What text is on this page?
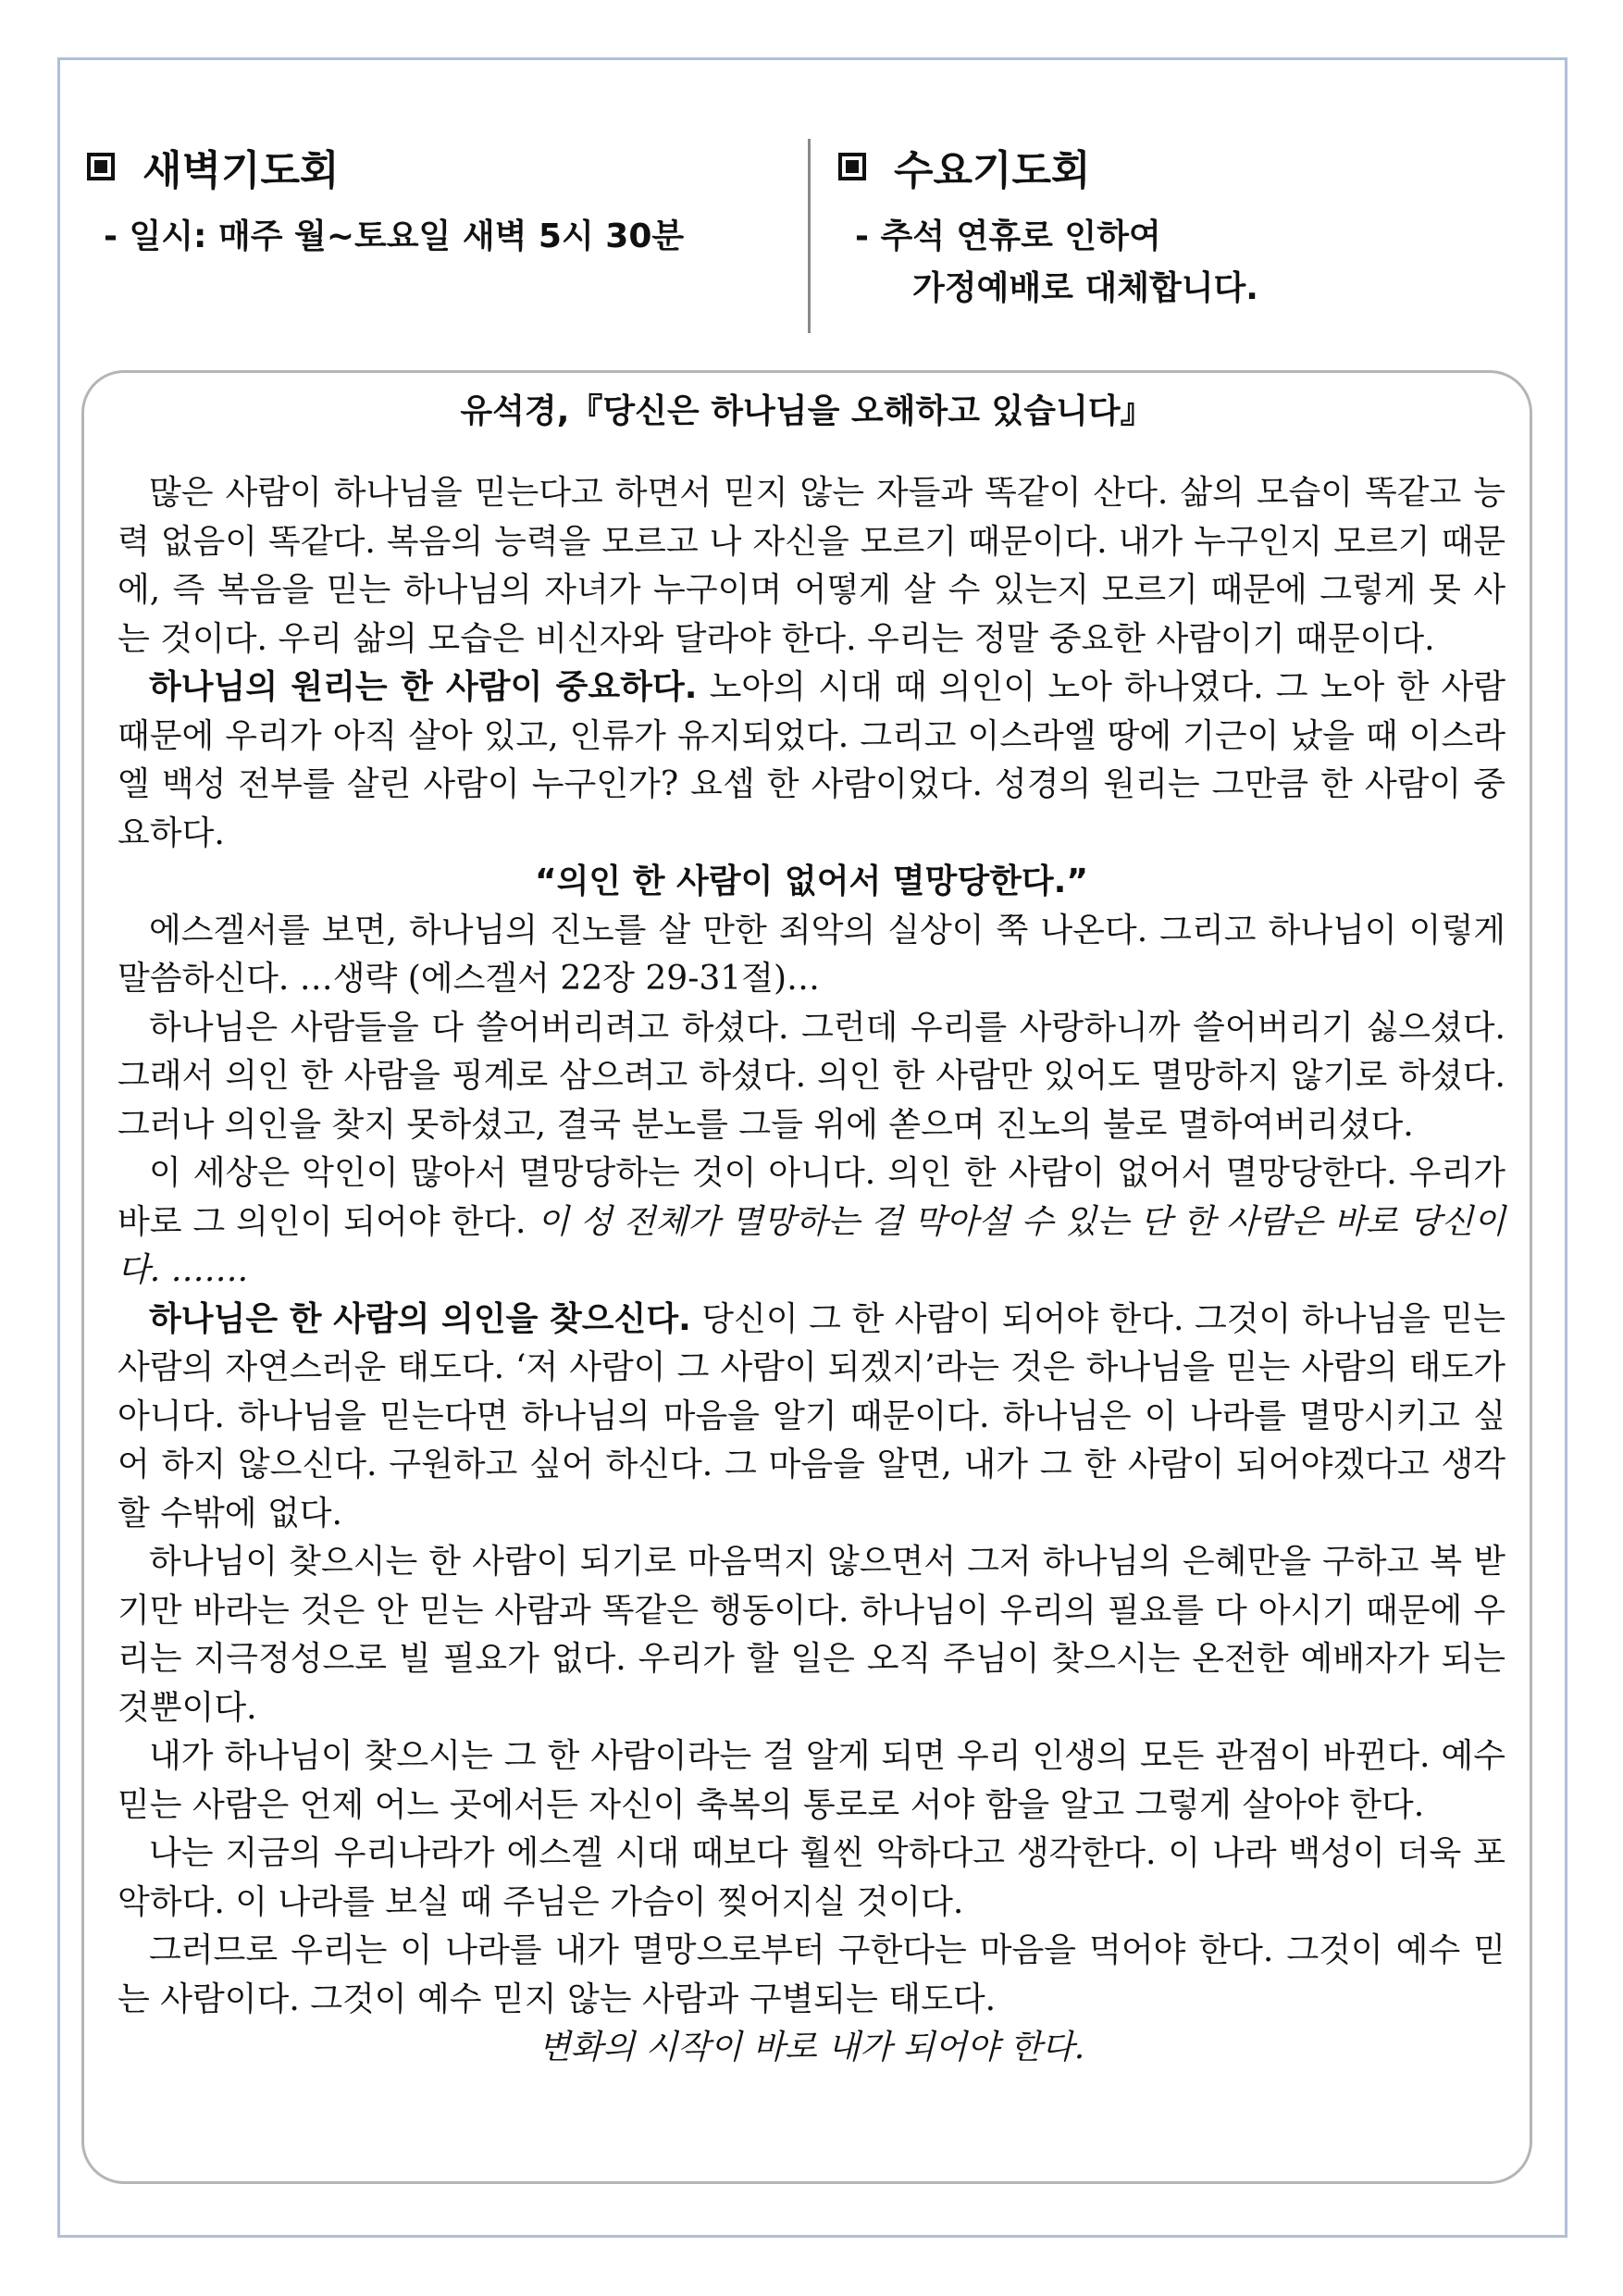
새벽기도회
- 일시: 매주 월~토요일 새벽 5시 30분
수요기도회
- 추석 연휴로 인하여
가정예배로 대체합니다.
유석경,『당신은 하나님을 오해하고 있습니다』

많은 사람이 하나님을 믿는다고 하면서 믿지 않는 자들과 똑같이 산다. 삶의 모습이 똑같고 능력 없음이 똑같다. 복음의 능력을 모르고 나 자신을 모르기 때문이다. 내가 누구인지 모르기 때문에, 즉 복음을 믿는 하나님의 자녀가 누구이며 어떻게 살 수 있는지 모르기 때문에 그렇게 못 사는 것이다. 우리 삶의 모습은 비신자와 달라야 한다. 우리는 정말 중요한 사람이기 때문이다.

하나님의 원리는 한 사람이 중요하다. 노아의 시대 때 의인이 노아 하나였다. 그 노아 한 사람 때문에 우리가 아직 살아 있고, 인류가 유지되었다. 그리고 이스라엘 땅에 기근이 났을 때 이스라엘 백성 전부를 살린 사람이 누구인가? 요셉 한 사람이었다. 성경의 원리는 그만큼 한 사람이 중요하다.

“의인 한 사람이 없어서 멸망당한다.”

에스겔서를 보면, 하나님의 진노를 살 만한 죄악의 실상이 쭉 나온다. 그리고 하나님이 이렇게 말씀하신다. …생략 (에스겔서 22장 29-31절)…

하나님은 사람들을 다 쓸어버리려고 하셨다. 그런데 우리를 사랑하니까 쓸어버리기 싫으셨다. 그래서 의인 한 사람을 핑계로 삼으려고 하셨다. 의인 한 사람만 있어도 멸망하지 않기로 하셨다. 그러나 의인을 찾지 못하셨고, 결국 분노를 그들 위에 쏟으며 진노의 불로 멸하여버리셨다.

이 세상은 악인이 많아서 멸망당하는 것이 아니다. 의인 한 사람이 없어서 멸망당한다. 우리가 바로 그 의인이 되어야 한다. 이 성 전체가 멸망하는 걸 막아설 수 있는 단 한 사람은 바로 당신이다. …….

하나님은 한 사람의 의인을 찾으신다. 당신이 그 한 사람이 되어야 한다. 그것이 하나님을 믿는 사람의 자연스러운 태도다. ‘저 사람이 그 사람이 되겠지’라는 것은 하나님을 믿는 사람의 태도가 아니다. 하나님을 믿는다면 하나님의 마음을 알기 때문이다. 하나님은 이 나라를 멸망시키고 싶어 하지 않으신다. 구원하고 싶어 하신다. 그 마음을 알면, 내가 그 한 사람이 되어야겠다고 생각할 수밖에 없다.

하나님이 찾으시는 한 사람이 되기로 마음먹지 않으면서 그저 하나님의 은혜만을 구하고 복 받기만 바라는 것은 안 믿는 사람과 똑같은 행동이다. 하나님이 우리의 필요를 다 아시기 때문에 우리는 지극정성으로 빌 필요가 없다. 우리가 할 일은 오직 주님이 찾으시는 온전한 예배자가 되는 것뿐이다.

내가 하나님이 찾으시는 그 한 사람이라는 걸 알게 되면 우리 인생의 모든 관점이 바뀐다. 예수 믿는 사람은 언제 어느 곳에서든 자신이 축복의 통로로 서야 함을 알고 그렇게 살아야 한다.

나는 지금의 우리나라가 에스겔 시대 때보다 훨씬 악하다고 생각한다. 이 나라 백성이 더욱 포악하다. 이 나라를 보실 때 주님은 가슴이 찢어지실 것이다.

그러므로 우리는 이 나라를 내가 멸망으로부터 구한다는 마음을 먹어야 한다. 그것이 예수 믿는 사람이다. 그것이 예수 믿지 않는 사람과 구별되는 태도다.

변화의 시작이 바로 내가 되어야 한다.
